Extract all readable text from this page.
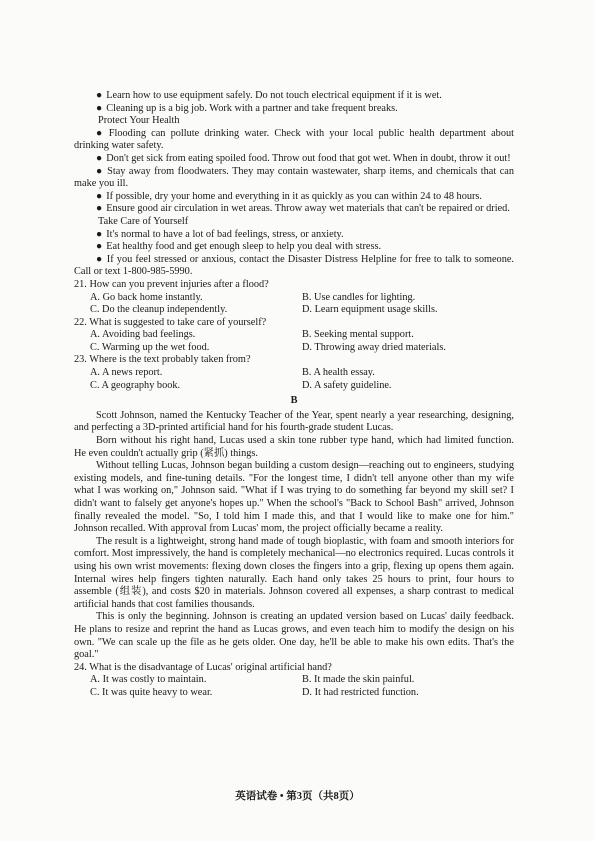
● Learn how to use equipment safely. Do not touch electrical equipment if it is wet.

● Cleaning up is a big job. Work with a partner and take frequent breaks.

Protect Your Health

● Flooding can pollute drinking water. Check with your local public health department about drinking water safety.

● Don't get sick from eating spoiled food. Throw out food that got wet. When in doubt, throw it out!

● Stay away from floodwaters. They may contain wastewater, sharp items, and chemicals that can make you ill.

● If possible, dry your home and everything in it as quickly as you can within 24 to 48 hours.

● Ensure good air circulation in wet areas. Throw away wet materials that can't be repaired or dried.

Take Care of Yourself

● It's normal to have a lot of bad feelings, stress, or anxiety.

● Eat healthy food and get enough sleep to help you deal with stress.

● If you feel stressed or anxious, contact the Disaster Distress Helpline for free to talk to someone. Call or text 1-800-985-5990.

21. How can you prevent injuries after a flood?

A. Go back home instantly.	B. Use candles for lighting.
C. Do the cleanup independently.	D. Learn equipment usage skills.

22. What is suggested to take care of yourself?

A. Avoiding bad feelings.	B. Seeking mental support.
C. Warming up the wet food.	D. Throwing away dried materials.

23. Where is the text probably taken from?

A. A news report.	B. A health essay.
C. A geography book.	D. A safety guideline.

B

Scott Johnson, named the Kentucky Teacher of the Year, spent nearly a year researching, designing, and perfecting a 3D-printed artificial hand for his fourth-grade student Lucas.

Born without his right hand, Lucas used a skin tone rubber type hand, which had limited function. He even couldn't actually grip (紧抓) things.

Without telling Lucas, Johnson began building a custom design—reaching out to engineers, studying existing models, and fine-tuning details. "For the longest time, I didn't tell anyone other than my wife what I was working on," Johnson said. "What if I was trying to do something far beyond my skill set? I didn't want to falsely get anyone's hopes up." When the school's "Back to School Bash" arrived, Johnson finally revealed the model. "So, I told him I made this, and that I would like to make one for him." Johnson recalled. With approval from Lucas' mom, the project officially became a reality.

The result is a lightweight, strong hand made of tough bioplastic, with foam and smooth interiors for comfort. Most impressively, the hand is completely mechanical—no electronics required. Lucas controls it using his own wrist movements: flexing down closes the fingers into a grip, flexing up opens them again. Internal wires help fingers tighten naturally. Each hand only takes 25 hours to print, four hours to assemble (组装), and costs $20 in materials. Johnson covered all expenses, a sharp contrast to medical artificial hands that cost families thousands.

This is only the beginning. Johnson is creating an updated version based on Lucas' daily feedback. He plans to resize and reprint the hand as Lucas grows, and even teach him to modify the design on his own. "We can scale up the file as he gets older. One day, he'll be able to make his own edits. That's the goal."

24. What is the disadvantage of Lucas' original artificial hand?

A. It was costly to maintain.	B. It made the skin painful.
C. It was quite heavy to wear.	D. It had restricted function.
英语试卷 • 第3页（共8页）
